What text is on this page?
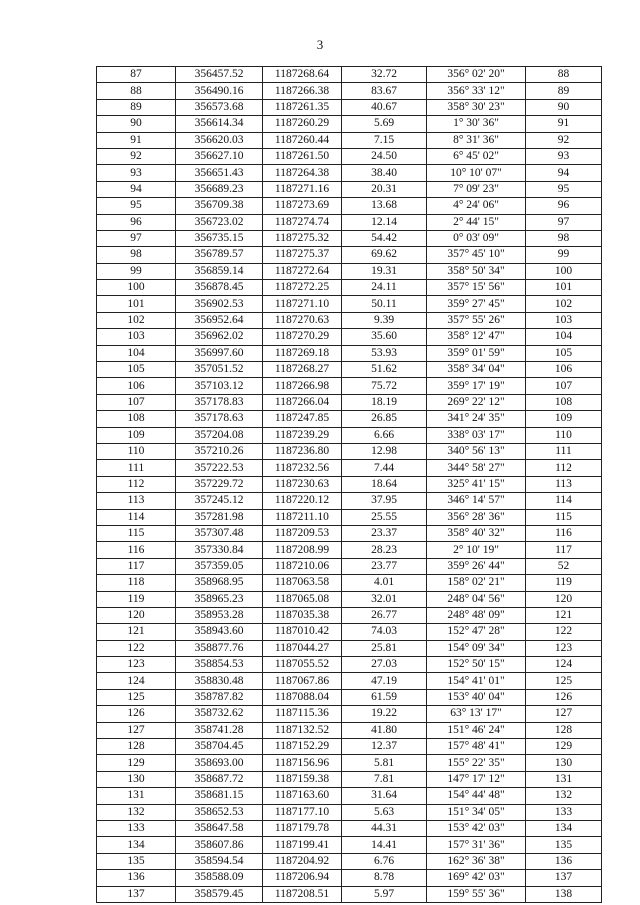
3
87	356457.52	1187268.64	32.72	356° 02' 20"	88
88	356490.16	1187266.38	83.67	356° 33' 12"	89
89	356573.68	1187261.35	40.67	358° 30' 23"	90
90	356614.34	1187260.29	5.69	1° 30' 36"	91
91	356620.03	1187260.44	7.15	8° 31' 36"	92
92	356627.10	1187261.50	24.50	6° 45' 02"	93
93	356651.43	1187264.38	38.40	10° 10' 07"	94
94	356689.23	1187271.16	20.31	7° 09' 23"	95
95	356709.38	1187273.69	13.68	4° 24' 06"	96
96	356723.02	1187274.74	12.14	2° 44' 15"	97
97	356735.15	1187275.32	54.42	0° 03' 09"	98
98	356789.57	1187275.37	69.62	357° 45' 10"	99
99	356859.14	1187272.64	19.31	358° 50' 34"	100
100	356878.45	1187272.25	24.11	357° 15' 56"	101
101	356902.53	1187271.10	50.11	359° 27' 45"	102
102	356952.64	1187270.63	9.39	357° 55' 26"	103
103	356962.02	1187270.29	35.60	358° 12' 47"	104
104	356997.60	1187269.18	53.93	359° 01' 59"	105
105	357051.52	1187268.27	51.62	358° 34' 04"	106
106	357103.12	1187266.98	75.72	359° 17' 19"	107
107	357178.83	1187266.04	18.19	269° 22' 12"	108
108	357178.63	1187247.85	26.85	341° 24' 35"	109
109	357204.08	1187239.29	6.66	338° 03' 17"	110
110	357210.26	1187236.80	12.98	340° 56' 13"	111
111	357222.53	1187232.56	7.44	344° 58' 27"	112
112	357229.72	1187230.63	18.64	325° 41' 15"	113
113	357245.12	1187220.12	37.95	346° 14' 57"	114
114	357281.98	1187211.10	25.55	356° 28' 36"	115
115	357307.48	1187209.53	23.37	358° 40' 32"	116
116	357330.84	1187208.99	28.23	2° 10' 19"	117
117	357359.05	1187210.06	23.77	359° 26' 44"	52
118	358968.95	1187063.58	4.01	158° 02' 21"	119
119	358965.23	1187065.08	32.01	248° 04' 56"	120
120	358953.28	1187035.38	26.77	248° 48' 09"	121
121	358943.60	1187010.42	74.03	152° 47' 28"	122
122	358877.76	1187044.27	25.81	154° 09' 34"	123
123	358854.53	1187055.52	27.03	152° 50' 15"	124
124	358830.48	1187067.86	47.19	154° 41' 01"	125
125	358787.82	1187088.04	61.59	153° 40' 04"	126
126	358732.62	1187115.36	19.22	63° 13' 17"	127
127	358741.28	1187132.52	41.80	151° 46' 24"	128
128	358704.45	1187152.29	12.37	157° 48' 41"	129
129	358693.00	1187156.96	5.81	155° 22' 35"	130
130	358687.72	1187159.38	7.81	147° 17' 12"	131
131	358681.15	1187163.60	31.64	154° 44' 48"	132
132	358652.53	1187177.10	5.63	151° 34' 05"	133
133	358647.58	1187179.78	44.31	153° 42' 03"	134
134	358607.86	1187199.41	14.41	157° 31' 36"	135
135	358594.54	1187204.92	6.76	162° 36' 38"	136
136	358588.09	1187206.94	8.78	169° 42' 03"	137
137	358579.45	1187208.51	5.97	159° 55' 36"	138
